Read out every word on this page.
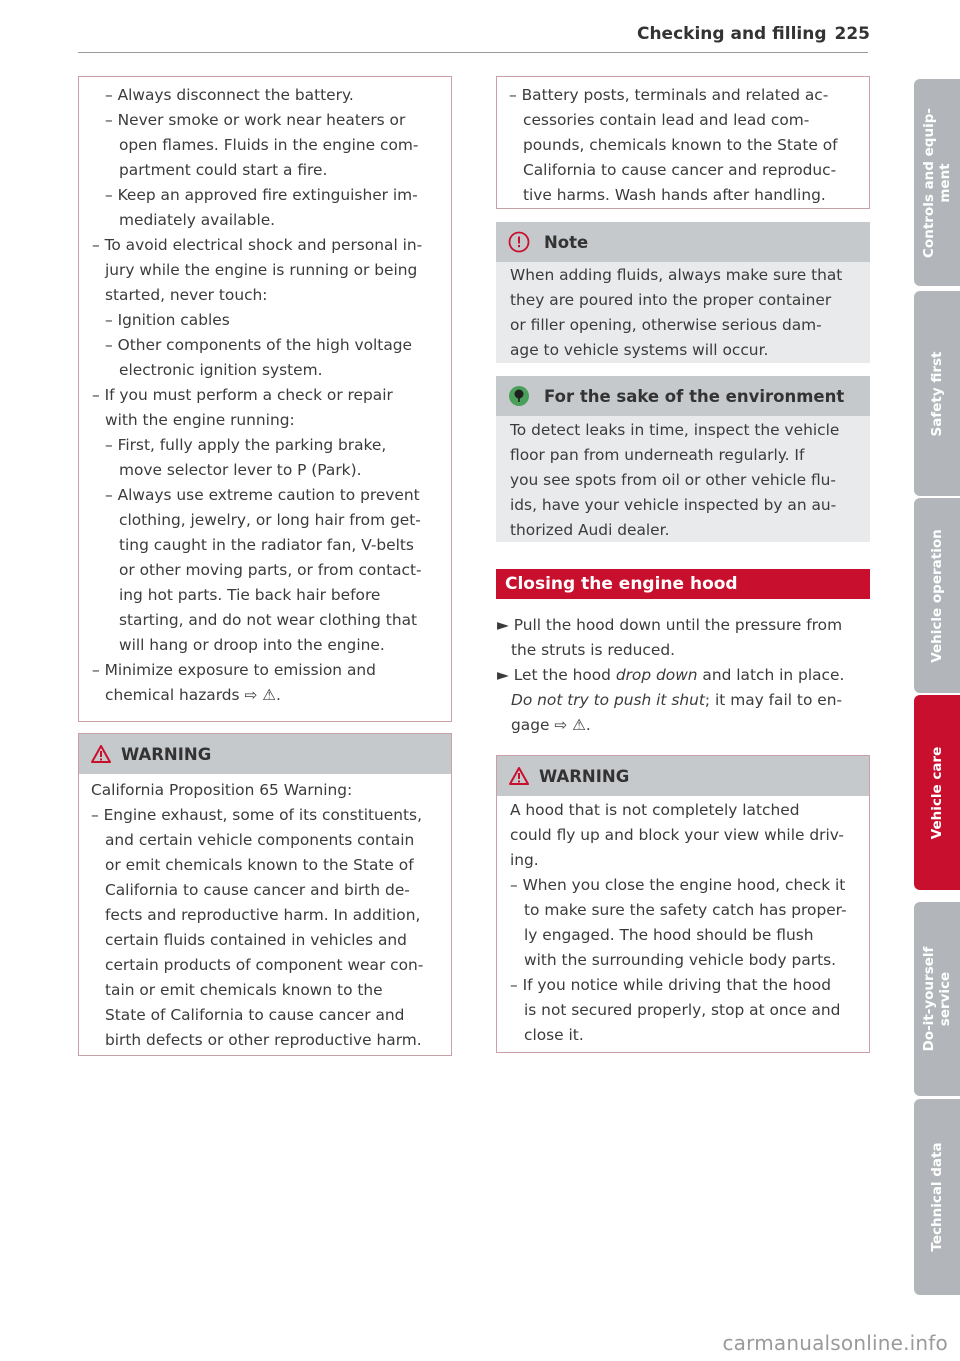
Checking and filling 225
– Always disconnect the battery.
– Never smoke or work near heaters or
open flames. Fluids in the engine com-
partment could start a fire.
– Keep an approved fire extinguisher im-
mediately available.
– To avoid electrical shock and personal in-
jury while the engine is running or being
started, never touch:
– Ignition cables
– Other components of the high voltage
electronic ignition system.
– If you must perform a check or repair
with the engine running:
– First, fully apply the parking brake,
move selector lever to P (Park).
– Always use extreme caution to prevent
clothing, jewelry, or long hair from get-
ting caught in the radiator fan, V-belts
or other moving parts, or from contact-
ing hot parts. Tie back hair before
starting, and do not wear clothing that
will hang or droop into the engine.
– Minimize exposure to emission and
chemical hazards ⇨ ⚠.
WARNING
California Proposition 65 Warning:
– Engine exhaust, some of its constituents,
and certain vehicle components contain
or emit chemicals known to the State of
California to cause cancer and birth de-
fects and reproductive harm. In addition,
certain fluids contained in vehicles and
certain products of component wear con-
tain or emit chemicals known to the
State of California to cause cancer and
birth defects or other reproductive harm.
– Battery posts, terminals and related ac-
cessories contain lead and lead com-
pounds, chemicals known to the State of
California to cause cancer and reproduc-
tive harms. Wash hands after handling.
Note
When adding fluids, always make sure that
they are poured into the proper container
or filler opening, otherwise serious dam-
age to vehicle systems will occur.
For the sake of the environment
To detect leaks in time, inspect the vehicle
floor pan from underneath regularly. If
you see spots from oil or other vehicle flu-
ids, have your vehicle inspected by an au-
thorized Audi dealer.
Closing the engine hood
► Pull the hood down until the pressure from
the struts is reduced.
► Let the hood drop down and latch in place.
Do not try to push it shut; it may fail to en-
gage ⇨ ⚠.
WARNING
A hood that is not completely latched
could fly up and block your view while driv-
ing.
– When you close the engine hood, check it
to make sure the safety catch has proper-
ly engaged. The hood should be flush
with the surrounding vehicle body parts.
– If you notice while driving that the hood
is not secured properly, stop at once and
close it.
Controls and equip-
ment
Safety first
Vehicle operation
Vehicle care
Do-it-yourself
service
Technical data
carmanualsonline.info
